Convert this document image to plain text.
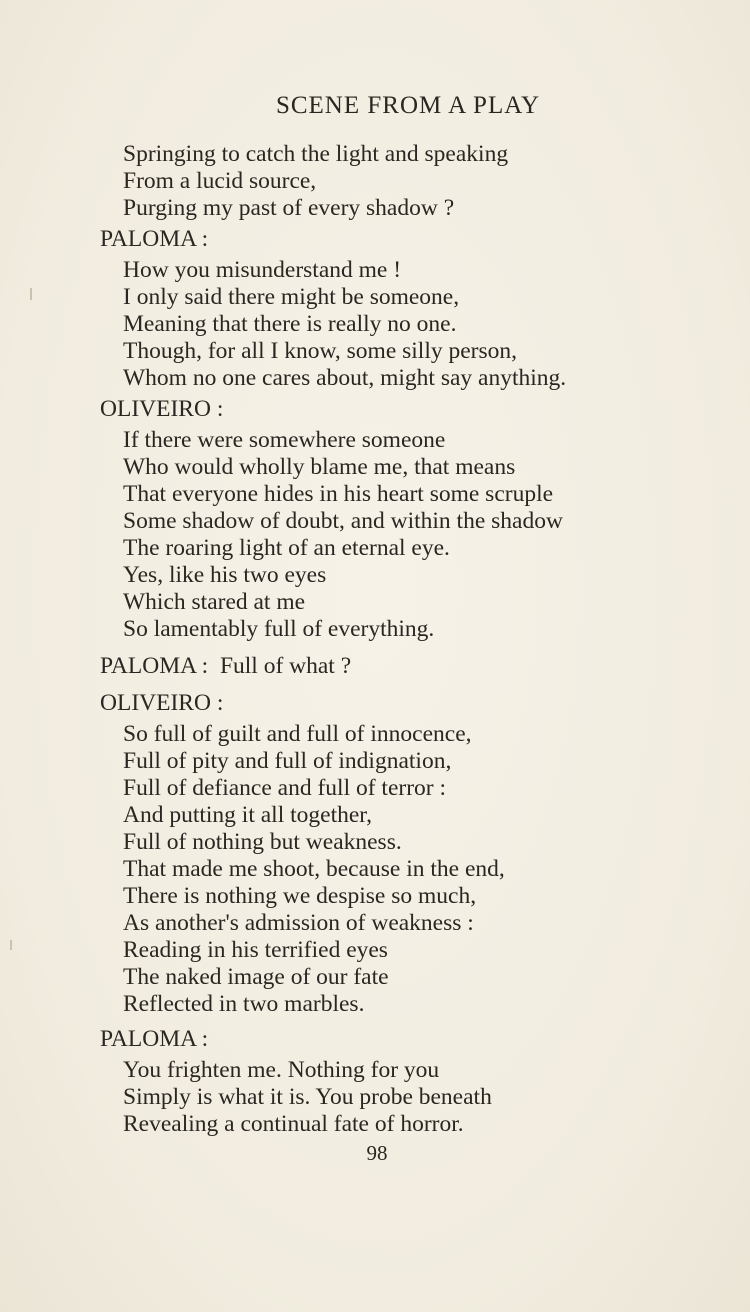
SCENE FROM A PLAY
Springing to catch the light and speaking
From a lucid source,
Purging my past of every shadow ?
PALOMA :
How you misunderstand me !
I only said there might be someone,
Meaning that there is really no one.
Though, for all I know, some silly person,
Whom no one cares about, might say anything.
OLIVEIRO :
If there were somewhere someone
Who would wholly blame me, that means
That everyone hides in his heart some scruple
Some shadow of doubt, and within the shadow
The roaring light of an eternal eye.
Yes, like his two eyes
Which stared at me
So lamentably full of everything.
PALOMA : Full of what ?
OLIVEIRO :
So full of guilt and full of innocence,
Full of pity and full of indignation,
Full of defiance and full of terror :
And putting it all together,
Full of nothing but weakness.
That made me shoot, because in the end,
There is nothing we despise so much,
As another's admission of weakness :
Reading in his terrified eyes
The naked image of our fate
Reflected in two marbles.
PALOMA :
You frighten me. Nothing for you
Simply is what it is. You probe beneath
Revealing a continual fate of horror.
98
